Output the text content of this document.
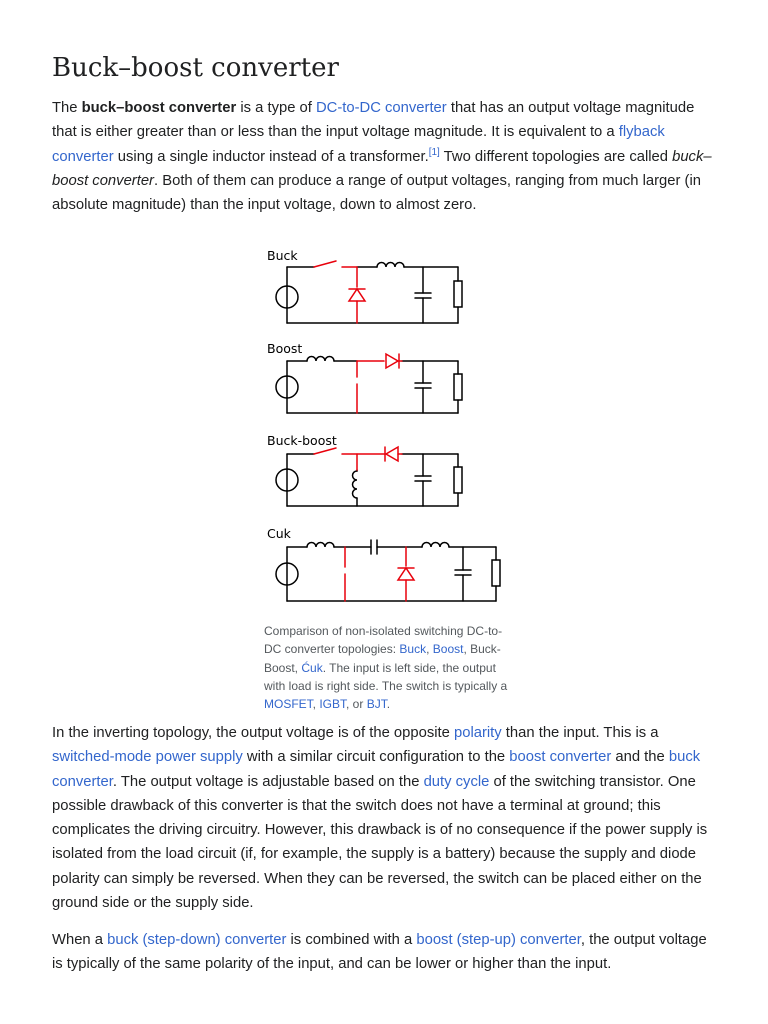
Buck–boost converter

The buck–boost converter is a type of DC-to-DC converter that has an output voltage magnitude that is either greater than or less than the input voltage magnitude. It is equivalent to a flyback converter using a single inductor instead of a transformer.[1] Two different topologies are called buck–boost converter. Both of them can produce a range of output voltages, ranging from much larger (in absolute magnitude) than the input voltage, down to almost zero.

Buck
Boost
Buck-boost
Cuk

Comparison of non-isolated switching DC-to-DC converter topologies: Buck, Boost, Buck-Boost, Ćuk. The input is left side, the output with load is right side. The switch is typically a MOSFET, IGBT, or BJT.

In the inverting topology, the output voltage is of the opposite polarity than the input. This is a switched-mode power supply with a similar circuit configuration to the boost converter and the buck converter. The output voltage is adjustable based on the duty cycle of the switching transistor. One possible drawback of this converter is that the switch does not have a terminal at ground; this complicates the driving circuitry. However, this drawback is of no consequence if the power supply is isolated from the load circuit (if, for example, the supply is a battery) because the supply and diode polarity can simply be reversed. When they can be reversed, the switch can be placed either on the ground side or the supply side.

When a buck (step-down) converter is combined with a boost (step-up) converter, the output voltage is typically of the same polarity of the input, and can be lower or higher than the input.
